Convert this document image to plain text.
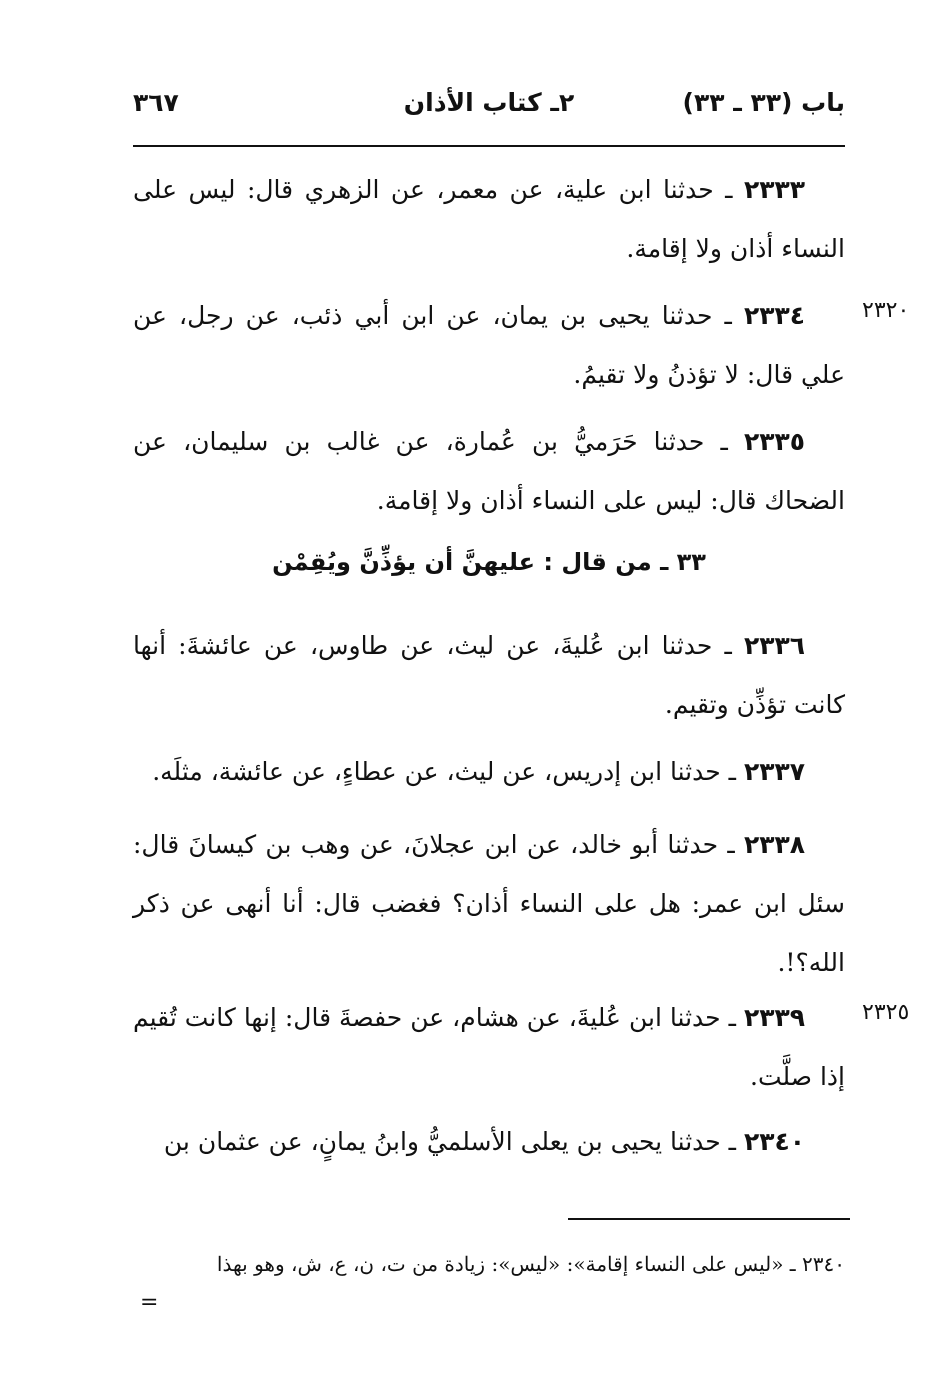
باب (٣٣ ـ ٣٣)
٢ـ كتاب الأذان
٣٦٧

٢٣٣٣ ـ حدثنا ابن علية، عن معمر، عن الزهري قال: ليس على النساء أذان ولا إقامة.

٢٣٢٠

٢٣٣٤ ـ حدثنا يحيى بن يمان، عن ابن أبي ذئب، عن رجل، عن علي قال: لا تؤذنُ ولا تقيمُ.

٢٣٣٥ ـ حدثنا حَرَميُّ بن عُمارة، عن غالب بن سليمان، عن الضحاك قال: ليس على النساء أذان ولا إقامة.

٣٣ ـ من قال : عليهنَّ أن يؤذِّنَّ ويُقِمْن

٢٣٣٦ ـ حدثنا ابن عُليةَ، عن ليث، عن طاوس، عن عائشةَ: أنها كانت تؤذِّن وتقيم.

٢٣٣٧ ـ حدثنا ابن إدريس، عن ليث، عن عطاءٍ، عن عائشة، مثلَه.

٢٣٣٨ ـ حدثنا أبو خالد، عن ابن عجلانَ، عن وهب بن كيسانَ قال: سئل ابن عمر: هل على النساء أذان؟ فغضب قال: أنا أنهى عن ذكر الله؟!.

٢٣٢٥

٢٣٣٩ ـ حدثنا ابن عُليةَ، عن هشام، عن حفصةَ قال: إنها كانت تُقيم إذا صلَّت.

٢٣٤٠ ـ حدثنا يحيى بن يعلى الأسلميُّ وابنُ يمانٍ، عن عثمان بن

٢٣٤٠ ـ «ليس على النساء إقامة»: «ليس»: زيادة من ت، ن، ع، ش، وهو بهذا

=
